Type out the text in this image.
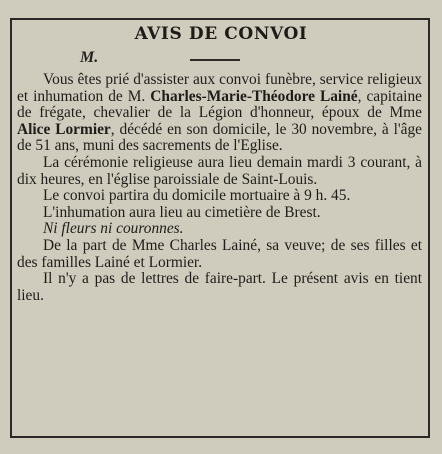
AVIS DE CONVOI
M.

Vous êtes prié d'assister aux convoi funèbre, service religieux et inhumation de M. Charles-Marie-Théodore Lainé, capitaine de frégate, chevalier de la Légion d'honneur, époux de Mme Alice Lormier, décédé en son domicile, le 30 novembre, à l'âge de 51 ans, muni des sacrements de l'Eglise.

La cérémonie religieuse aura lieu demain mardi 3 courant, à dix heures, en l'église paroissiale de Saint-Louis.

Le convoi partira du domicile mortuaire à 9 h. 45.

L'inhumation aura lieu au cimetière de Brest.

Ni fleurs ni couronnes.

De la part de Mme Charles Lainé, sa veuve; de ses filles et des familles Lainé et Lormier.

Il n'y a pas de lettres de faire-part. Le présent avis en tient lieu.
